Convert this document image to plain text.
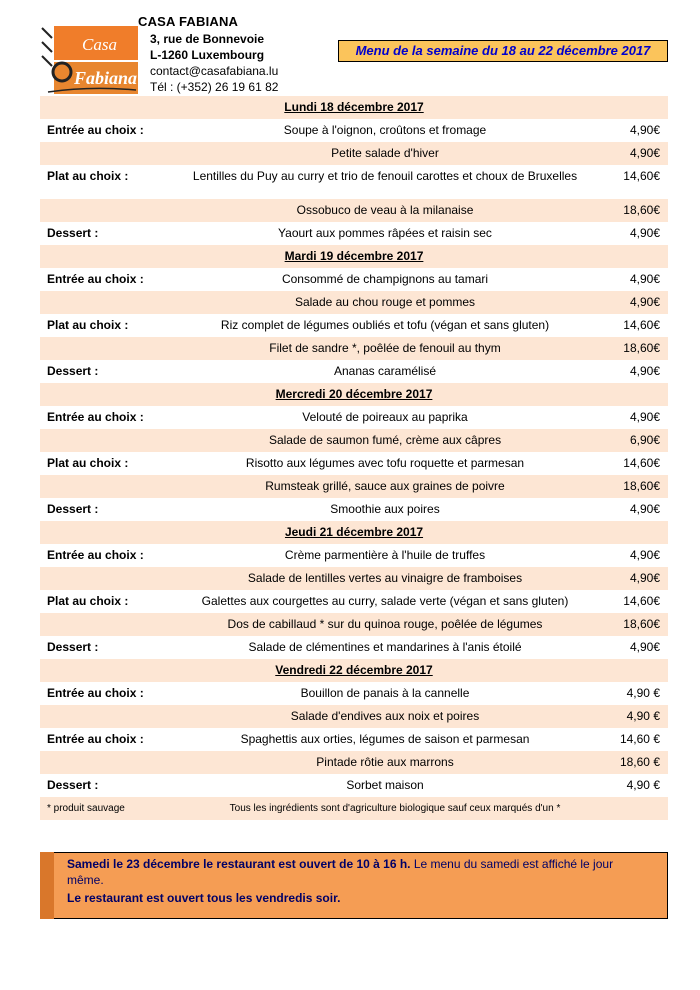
Casa
Fabiana
CASA FABIANA
3, rue de Bonnevoie
L-1260 Luxembourg
contact@casafabiana.lu
Tél : (+352) 26 19 61 82
Menu de la semaine du 18 au 22 décembre 2017
Lundi 18 décembre 2017
Entrée au choix :	Soupe à l'oignon, croûtons et fromage	4,90€
Petite salade d'hiver	4,90€
Plat au choix :	Lentilles du Puy au curry et trio de fenouil carottes et choux de Bruxelles	14,60€
Ossobuco de veau à la milanaise	18,60€
Dessert :	Yaourt aux pommes râpées et raisin sec	4,90€
Mardi 19 décembre 2017
Entrée au choix :	Consommé de champignons au tamari	4,90€
Salade au chou rouge et pommes	4,90€
Plat au choix :	Riz complet de légumes oubliés et tofu (végan et sans gluten)	14,60€
Filet de sandre *, poêlée de fenouil au thym	18,60€
Dessert :	Ananas caramélisé	4,90€
Mercredi 20 décembre 2017
Entrée au choix :	Velouté de poireaux au paprika	4,90€
Salade de saumon fumé, crème aux câpres	6,90€
Plat au choix :	Risotto aux légumes avec tofu roquette et parmesan	14,60€
Rumsteak grillé, sauce aux graines de poivre	18,60€
Dessert :	Smoothie aux poires	4,90€
Jeudi 21 décembre 2017
Entrée au choix :	Crème parmentière à l'huile de truffes	4,90€
Salade de lentilles vertes au vinaigre de framboises	4,90€
Plat au choix :	Galettes aux courgettes au curry, salade verte (végan et sans gluten)	14,60€
Dos de cabillaud * sur du quinoa rouge, poêlée de légumes	18,60€
Dessert :	Salade de clémentines et mandarines à l'anis étoilé	4,90€
Vendredi 22 décembre 2017
Entrée au choix :	Bouillon de panais à la cannelle	4,90 €
Salade d'endives aux noix et poires	4,90 €
Entrée au choix :	Spaghettis aux orties, légumes de saison et parmesan	14,60 €
Pintade rôtie aux marrons	18,60 €
Dessert :	Sorbet maison	4,90 €
* produit sauvage	Tous les ingrédients sont d'agriculture biologique sauf ceux marqués d'un *
Samedi le 23 décembre le restaurant est ouvert de 10 à 16 h. Le menu du samedi est affiché le jour
même.
Le restaurant est ouvert tous les vendredis soir.
